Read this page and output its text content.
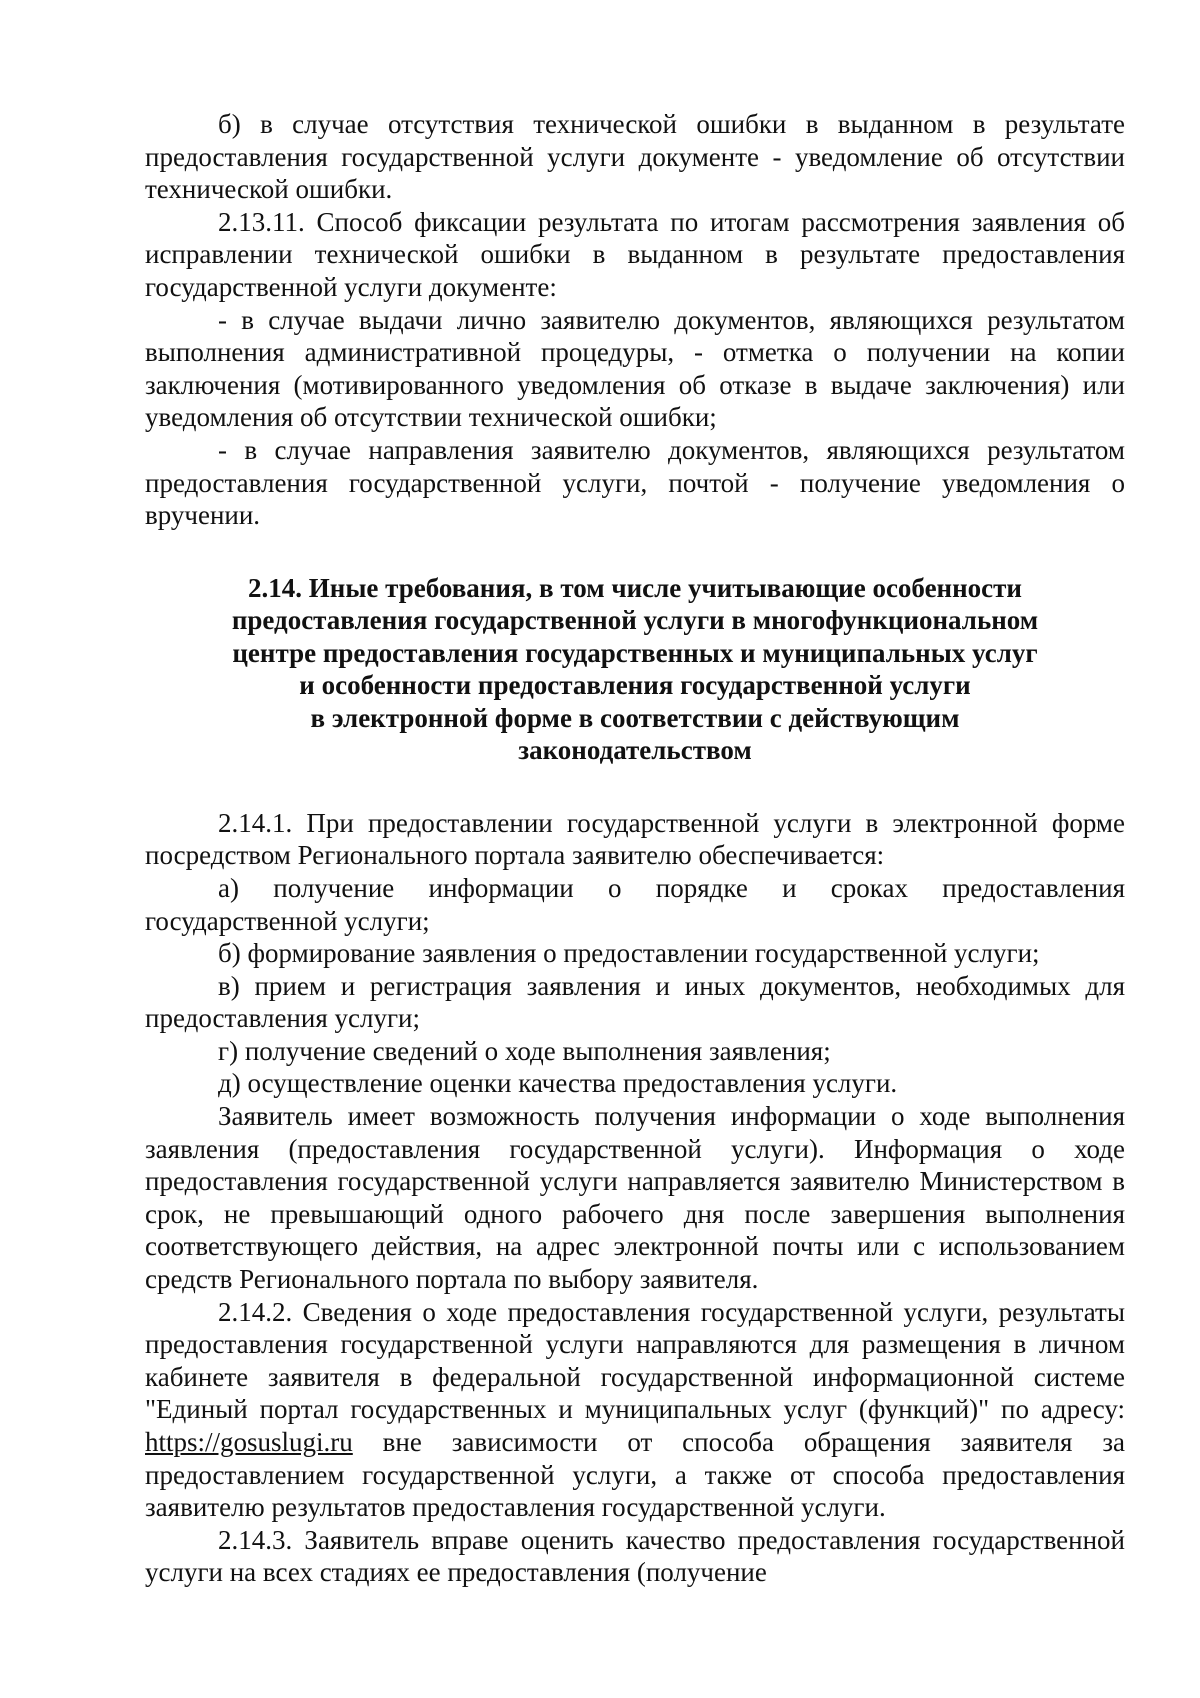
б) в случае отсутствия технической ошибки в выданном в результате предоставления государственной услуги документе - уведомление об отсутствии технической ошибки.

2.13.11. Способ фиксации результата по итогам рассмотрения заявления об исправлении технической ошибки в выданном в результате предоставления государственной услуги документе:

- в случае выдачи лично заявителю документов, являющихся результатом выполнения административной процедуры, - отметка о получении на копии заключения (мотивированного уведомления об отказе в выдаче заключения) или уведомления об отсутствии технической ошибки;

- в случае направления заявителю документов, являющихся результатом предоставления государственной услуги, почтой - получение уведомления о вручении.

2.14. Иные требования, в том числе учитывающие особенности
предоставления государственной услуги в многофункциональном
центре предоставления государственных и муниципальных услуг
и особенности предоставления государственной услуги
в электронной форме в соответствии с действующим
законодательством

2.14.1. При предоставлении государственной услуги в электронной форме посредством Регионального портала заявителю обеспечивается:

а) получение информации о порядке и сроках предоставления государственной услуги;

б) формирование заявления о предоставлении государственной услуги;

в) прием и регистрация заявления и иных документов, необходимых для предоставления услуги;

г) получение сведений о ходе выполнения заявления;

д) осуществление оценки качества предоставления услуги.

Заявитель имеет возможность получения информации о ходе выполнения заявления (предоставления государственной услуги). Информация о ходе предоставления государственной услуги направляется заявителю Министерством в срок, не превышающий одного рабочего дня после завершения выполнения соответствующего действия, на адрес электронной почты или с использованием средств Регионального портала по выбору заявителя.

2.14.2. Сведения о ходе предоставления государственной услуги, результаты предоставления государственной услуги направляются для размещения в личном кабинете заявителя в федеральной государственной информационной системе "Единый портал государственных и муниципальных услуг (функций)" по адресу: https://gosuslugi.ru вне зависимости от способа обращения заявителя за предоставлением государственной услуги, а также от способа предоставления заявителю результатов предоставления государственной услуги.

2.14.3. Заявитель вправе оценить качество предоставления государственной услуги на всех стадиях ее предоставления (получение
